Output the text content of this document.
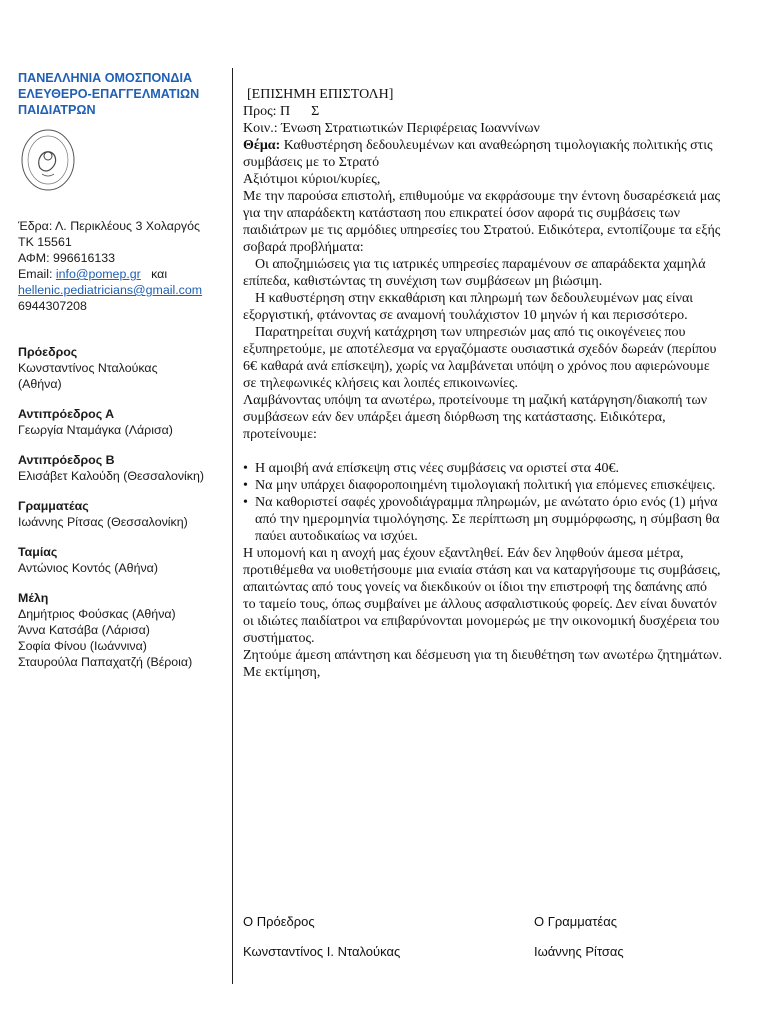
ΠΑΝΕΛΛΗΝΙΑ ΟΜΟΣΠΟΝΔΙΑ
ΕΛΕΥΘΕΡΟ-ΕΠΑΓΓΕΛΜΑΤΙΩΝ
ΠΑΙΔΙΑΤΡΩΝ
Έδρα: Λ. Περικλέους 3 Χολαργός
ΤΚ 15561
ΑΦΜ: 996616133
Email: info@pomep.gr και
hellenic.pediatricians@gmail.com
6944307208
Πρόεδρος
Κωνσταντίνος Νταλούκας
(Αθήνα)
Αντιπρόεδρος Α
Γεωργία Νταμάγκα (Λάρισα)
Αντιπρόεδρος Β
Ελισάβετ Καλούδη (Θεσσαλονίκη)
Γραμματέας
Ιωάννης Ρίτσας (Θεσσαλονίκη)
Ταμίας
Αντώνιος Κοντός (Αθήνα)
Μέλη
Δημήτριος Φούσκας (Αθήνα)
Άννα Κατσάβα (Λάρισα)
Σοφία Φίνου (Ιωάννινα)
Σταυρούλα Παπαχατζή (Βέροια)

[ΕΠΙΣΗΜΗ ΕΠΙΣΤΟΛΗ]

Προς: Π      Σ

Κοιν.: Ένωση Στρατιωτικών Περιφέρειας Ιωαννίνων

Θέμα: Καθυστέρηση δεδουλευμένων και αναθεώρηση τιμολογιακής πολιτικής στις συμβάσεις με το Στρατό

Αξιότιμοι κύριοι/κυρίες,

Με την παρούσα επιστολή, επιθυμούμε να εκφράσουμε την έντονη δυσαρέσκειά μας για την απαράδεκτη κατάσταση που επικρατεί όσον αφορά τις συμβάσεις των παιδιάτρων με τις αρμόδιες υπηρεσίες του Στρατού. Ειδικότερα, εντοπίζουμε τα εξής σοβαρά προβλήματα:

Οι αποζημιώσεις για τις ιατρικές υπηρεσίες παραμένουν σε απαράδεκτα χαμηλά επίπεδα, καθιστώντας τη συνέχιση των συμβάσεων μη βιώσιμη.

Η καθυστέρηση στην εκκαθάριση και πληρωμή των δεδουλευμένων μας είναι εξοργιστική, φτάνοντας σε αναμονή τουλάχιστον 10 μηνών ή και περισσότερο.

Παρατηρείται συχνή κατάχρηση των υπηρεσιών μας από τις οικογένειες που εξυπηρετούμε, με αποτέλεσμα να εργαζόμαστε ουσιαστικά σχεδόν δωρεάν (περίπου 6€ καθαρά ανά επίσκεψη), χωρίς να λαμβάνεται υπόψη ο χρόνος που αφιερώνουμε σε τηλεφωνικές κλήσεις και λοιπές επικοινωνίες.

Λαμβάνοντας υπόψη τα ανωτέρω, προτείνουμε τη μαζική κατάργηση/διακοπή των συμβάσεων εάν δεν υπάρξει άμεση διόρθωση της κατάστασης. Ειδικότερα, προτείνουμε:

• Η αμοιβή ανά επίσκεψη στις νέες συμβάσεις να οριστεί στα 40€.
• Να μην υπάρχει διαφοροποιημένη τιμολογιακή πολιτική για επόμενες επισκέψεις.
• Να καθοριστεί σαφές χρονοδιάγραμμα πληρωμών, με ανώτατο όριο ενός (1) μήνα από την ημερομηνία τιμολόγησης. Σε περίπτωση μη συμμόρφωσης, η σύμβαση θα παύει αυτοδικαίως να ισχύει.

Η υπομονή και η ανοχή μας έχουν εξαντληθεί. Εάν δεν ληφθούν άμεσα μέτρα, προτιθέμεθα να υιοθετήσουμε μια ενιαία στάση και να καταργήσουμε τις συμβάσεις, απαιτώντας από τους γονείς να διεκδικούν οι ίδιοι την επιστροφή της δαπάνης από το ταμείο τους, όπως συμβαίνει με άλλους ασφαλιστικούς φορείς. Δεν είναι δυνατόν οι ιδιώτες παιδίατροι να επιβαρύνονται μονομερώς με την οικονομική δυσχέρεια του συστήματος.

Ζητούμε άμεση απάντηση και δέσμευση για τη διευθέτηση των ανωτέρω ζητημάτων.

Με εκτίμηση,

Ο Πρόεδρος	Ο Γραμματέας
Κωνσταντίνος Ι. Νταλούκας	Ιωάννης Ρίτσας
